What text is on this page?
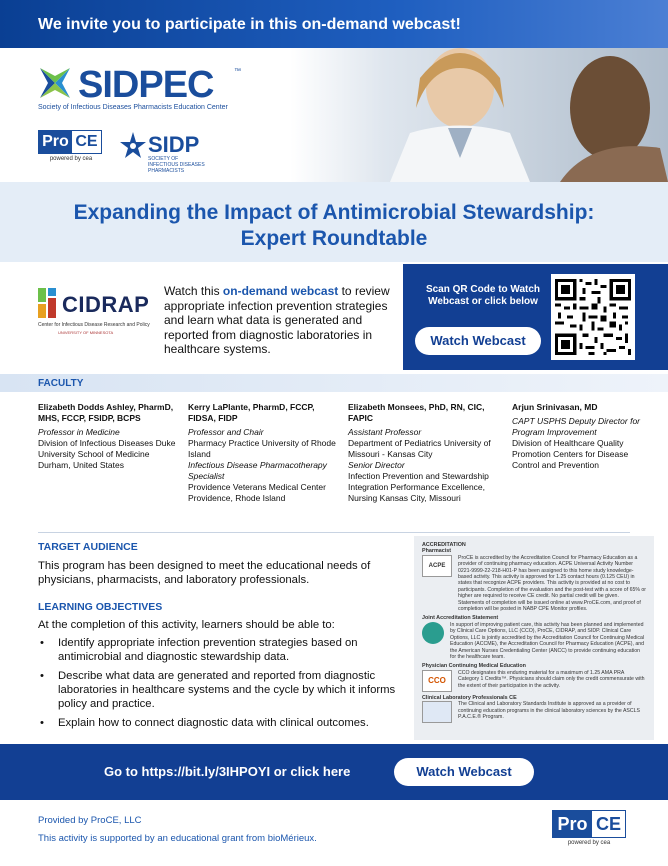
We invite you to participate in this on-demand webcast!
SIDPEC	™
Society of Infectious Diseases Pharmacists Education Center
Pro CE
powered by cea
SIDP
SOCIETY OF INFECTIOUS DISEASES PHARMACISTS
Expanding the Impact of Antimicrobial Stewardship:
Expert Roundtable
CIDRAP
Center for Infectious Disease Research and Policy
UNIVERSITY OF MINNESOTA
Watch this on-demand webcast to review appropriate infection prevention strategies and learn what data is generated and reported from diagnostic laboratories in healthcare systems.
Scan QR Code to Watch Webcast or click below
Watch Webcast
FACULTY
Elizabeth Dodds Ashley, PharmD, MHS, FCCP, FSIDP, BCPS
Professor in Medicine
Division of Infectious Diseases Duke University School of Medicine Durham, United States
Kerry LaPlante, PharmD, FCCP, FIDSA, FIDP
Professor and Chair
Pharmacy Practice University of Rhode Island
Infectious Disease Pharmacotherapy Specialist
Providence Veterans Medical Center Providence, Rhode Island
Elizabeth Monsees, PhD, RN, CIC, FAPIC
Assistant Professor
Department of Pediatrics University of Missouri - Kansas City
Senior Director
Infection Prevention and Stewardship Integration Performance Excellence, Nursing Kansas City, Missouri
Arjun Srinivasan, MD
CAPT USPHS Deputy Director for Program Improvement
Division of Healthcare Quality Promotion Centers for Disease Control and Prevention
TARGET AUDIENCE
This program has been designed to meet the educational needs of physicians, pharmacists, and laboratory professionals.
LEARNING OBJECTIVES
At the completion of this activity, learners should be able to:
• Identify appropriate infection prevention strategies based on antimicrobial and diagnostic stewardship data.
• Describe what data are generated and reported from diagnostic laboratories in healthcare systems and the cycle by which it informs policy and practice.
• Explain how to connect diagnostic data with clinical outcomes.
ACCREDITATION
Pharmacist
ACPE
ProCE is accredited by the Accreditation Council for Pharmacy Education as a provider of continuing pharmacy education. ACPE Universal Activity Number 0221-9999-22-218-H01-P has been assigned to this home study knowledge-based activity. This activity is approved for 1.25 contact hours (0.125 CEU) in states that recognize ACPE providers. This activity is provided at no cost to participants. Completion of the evaluation and the post-test with a score of 65% or higher are required to receive CE credit. No partial credit will be given. Statements of completion will be issued online at www.ProCE.com, and proof of completion will be posted in NABP CPE Monitor profiles.
Joint Accreditation Statement
In support of improving patient care, this activity has been planned and implemented by Clinical Care Options, LLC (CCO), ProCE, CIDRAP, and SIDP. Clinical Care Options, LLC is jointly accredited by the Accreditation Council for Continuing Medical Education (ACCME), the Accreditation Council for Pharmacy Education (ACPE), and the American Nurses Credentialing Center (ANCC) to provide continuing education for the healthcare team.
Physician Continuing Medical Education
CCO
CCO designates this enduring material for a maximum of 1.25 AMA PRA Category 1 Credits™. Physicians should claim only the credit commensurate with the extent of their participation in the activity.
Clinical Laboratory Professionals CE
The Clinical and Laboratory Standards Institute is approved as a provider of continuing education programs in the clinical laboratory sciences by the ASCLS P.A.C.E.® Program.
Go to https://bit.ly/3IHPOYI or click here	Watch Webcast
Provided by ProCE, LLC
This activity is supported by an educational grant from bioMérieux.
Pro CE
powered by cea
